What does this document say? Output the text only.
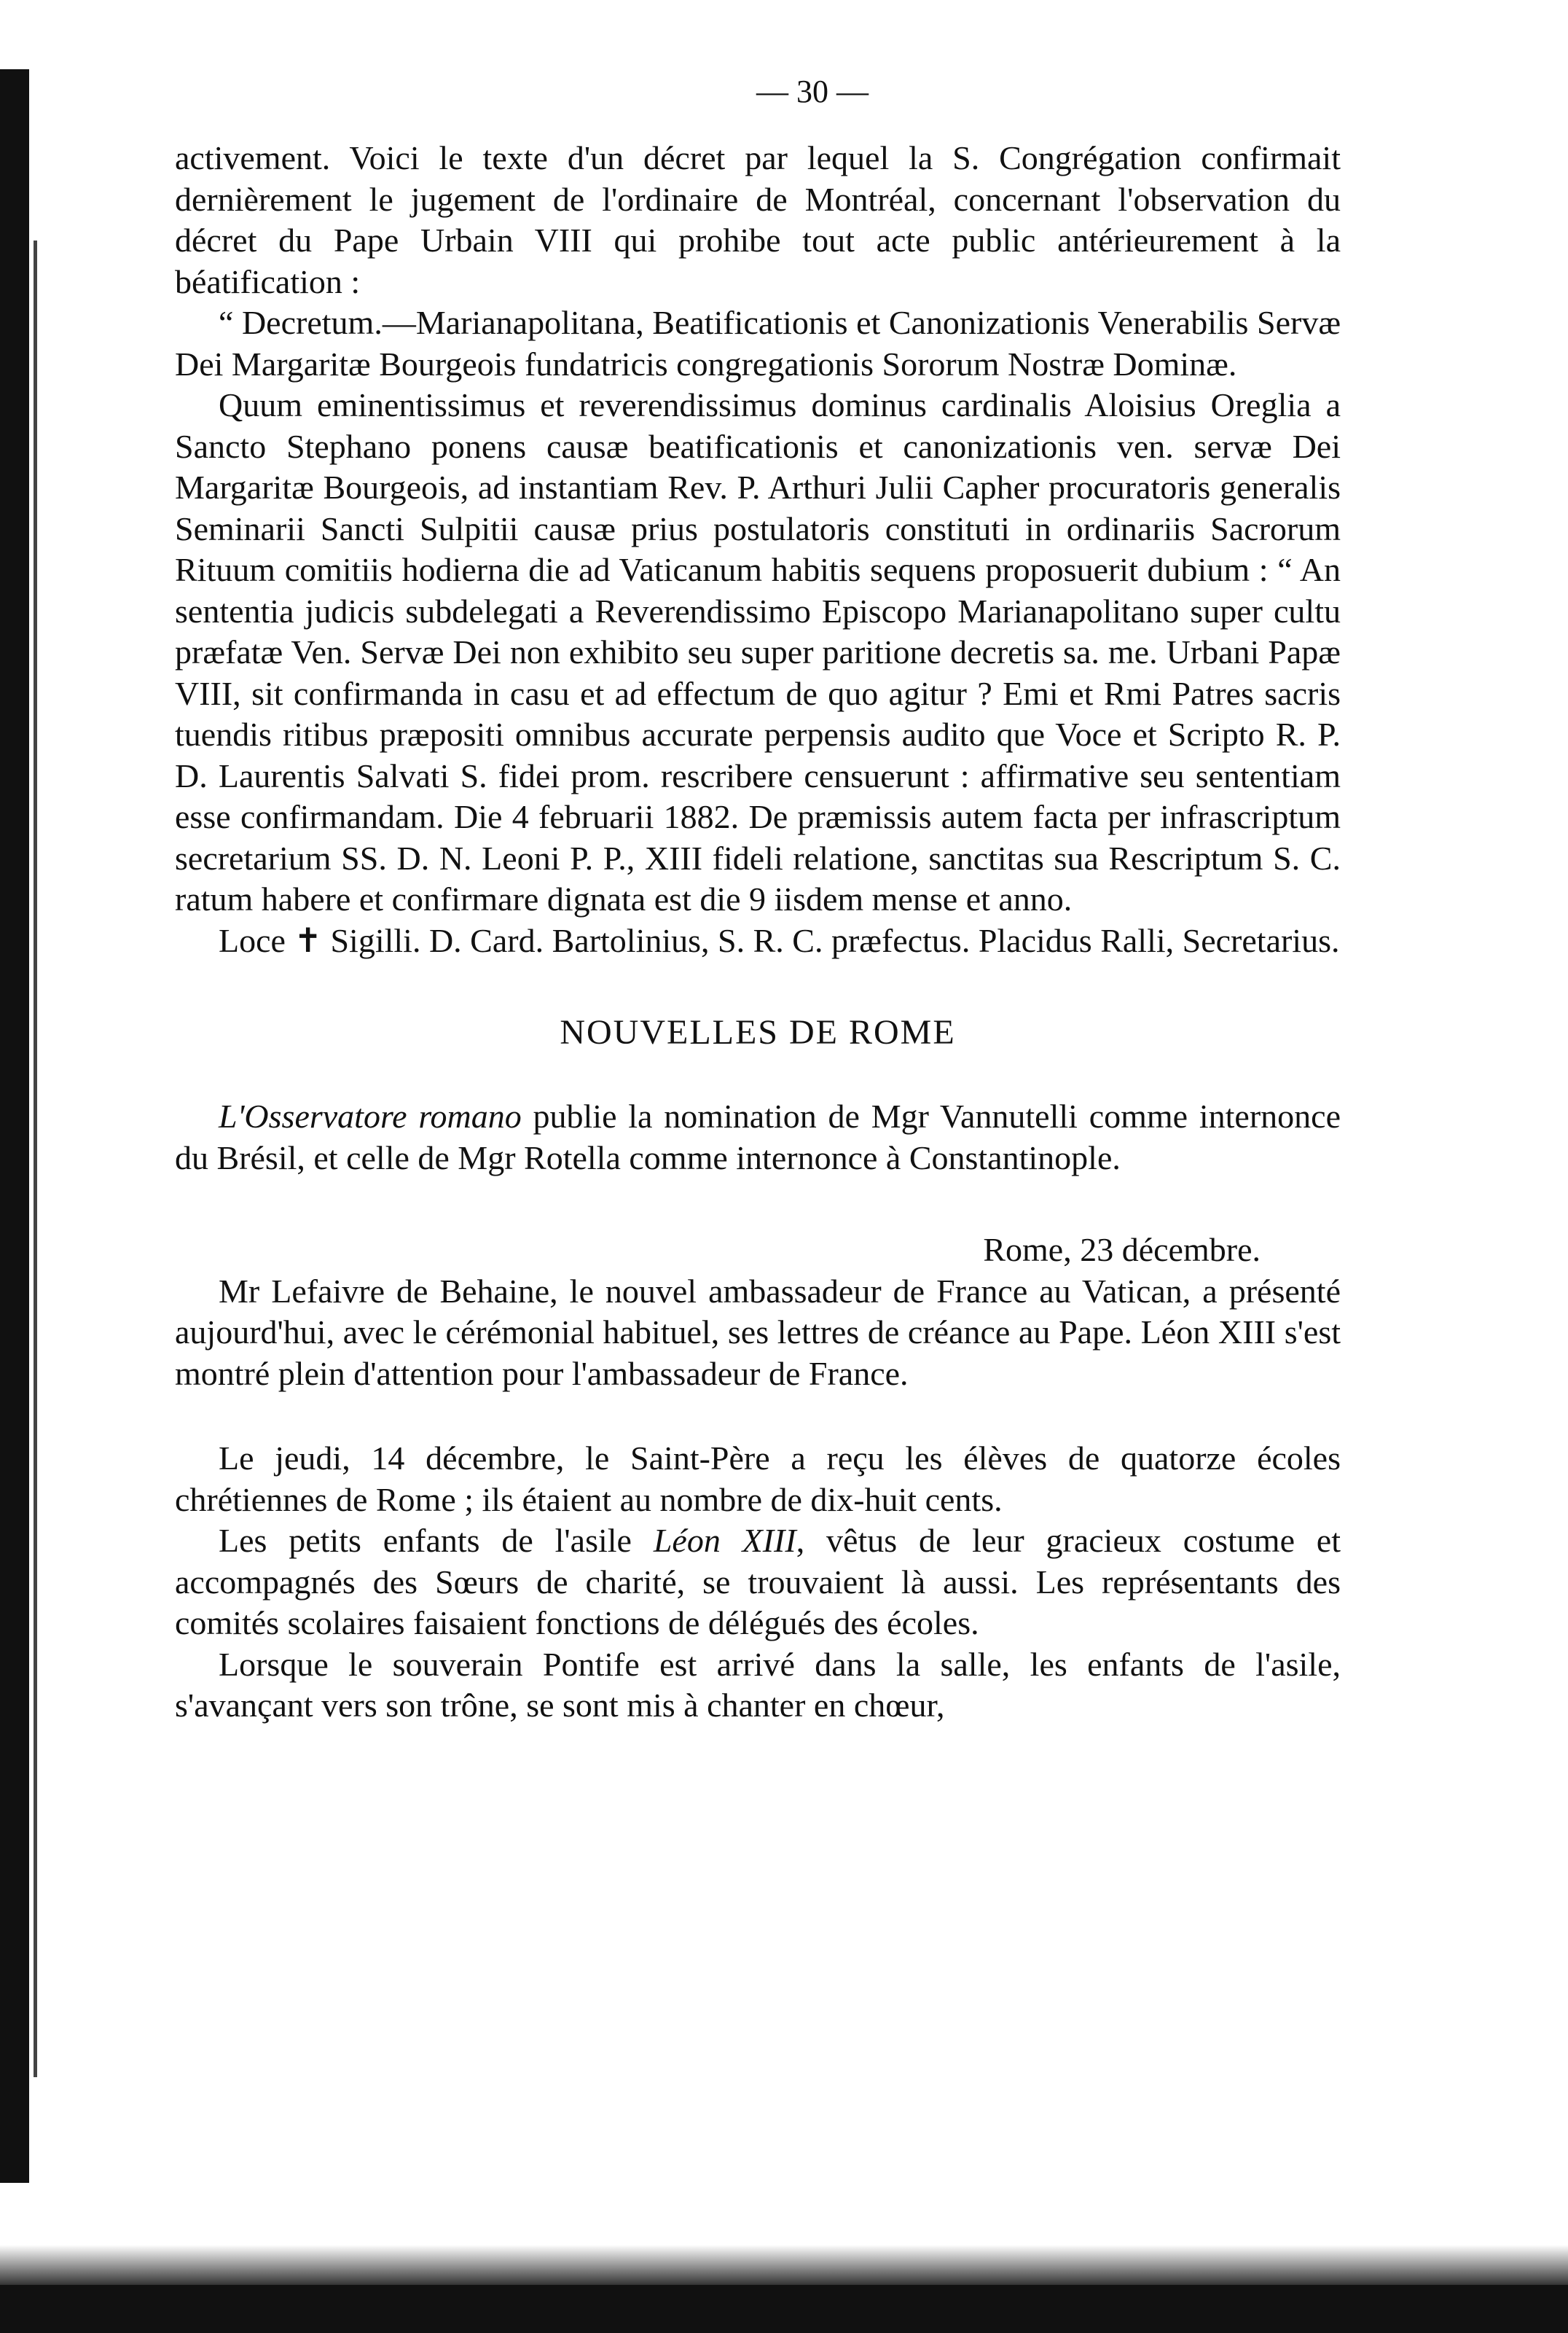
— 30 —

activement. Voici le texte d'un décret par lequel la S. Congrégation confirmait dernièrement le jugement de l'ordinaire de Montréal, concernant l'observation du décret du Pape Urbain VIII qui prohibe tout acte public antérieurement à la béatification :

“ Decretum.—Marianapolitana, Beatificationis et Canonizationis Venerabilis Servæ Dei Margaritæ Bourgeois fundatricis congregationis Sororum Nostræ Dominæ.

Quum eminentissimus et reverendissimus dominus cardinalis Aloisius Oreglia a Sancto Stephano ponens causæ beatificationis et canonizationis ven. servæ Dei Margaritæ Bourgeois, ad instantiam Rev. P. Arthuri Julii Capher procuratoris generalis Seminarii Sancti Sulpitii causæ prius postulatoris constituti in ordinariis Sacrorum Rituum comitiis hodierna die ad Vaticanum habitis sequens proposuerit dubium : “ An sententia judicis subdelegati a Reverendissimo Episcopo Marianapolitano super cultu præfatæ Ven. Servæ Dei non exhibito seu super paritione decretis sa. me. Urbani Papæ VIII, sit confirmanda in casu et ad effectum de quo agitur ? Emi et Rmi Patres sacris tuendis ritibus præpositi omnibus accurate perpensis audito que Voce et Scripto R. P. D. Laurentis Salvati S. fidei prom. rescribere censuerunt : affirmative seu sententiam esse confirmandam. Die 4 februarii 1882. De præmissis autem facta per infrascriptum secretarium SS. D. N. Leoni P. P., XIII fideli relatione, sanctitas sua Rescriptum S. C. ratum habere et confirmare dignata est die 9 iisdem mense et anno.

Loce ✝ Sigilli. D. Card. Bartolinius, S. R. C. præfectus. Placidus Ralli, Secretarius.

NOUVELLES DE ROME

L'Osservatore romano publie la nomination de Mgr Vannutelli comme internonce du Brésil, et celle de Mgr Rotella comme internonce à Constantinople.

Rome, 23 décembre.

Mr Lefaivre de Behaine, le nouvel ambassadeur de France au Vatican, a présenté aujourd'hui, avec le cérémonial habituel, ses lettres de créance au Pape. Léon XIII s'est montré plein d'attention pour l'ambassadeur de France.

Le jeudi, 14 décembre, le Saint-Père a reçu les élèves de quatorze écoles chrétiennes de Rome ; ils étaient au nombre de dix-huit cents.

Les petits enfants de l'asile Léon XIII, vêtus de leur gracieux costume et accompagnés des Sœurs de charité, se trouvaient là aussi. Les représentants des comités scolaires faisaient fonctions de délégués des écoles.

Lorsque le souverain Pontife est arrivé dans la salle, les enfants de l'asile, s'avançant vers son trône, se sont mis à chanter en chœur,
